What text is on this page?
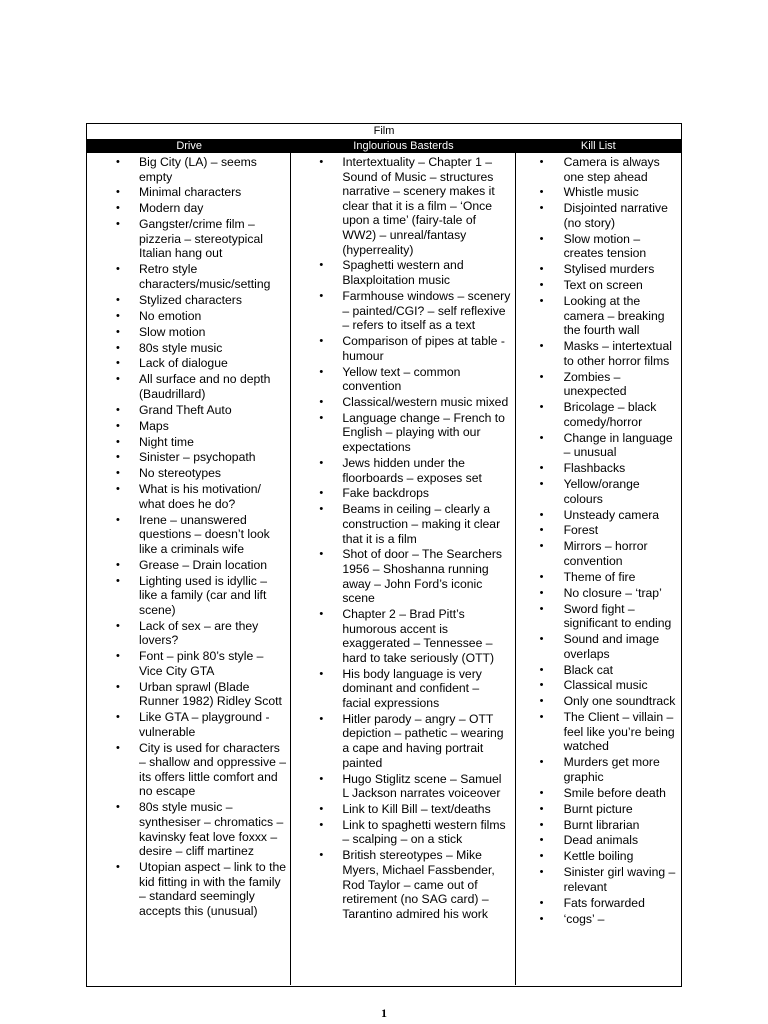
Film
Drive	Inglourious Basterds	Kill List
• Big City (LA) – seems empty
• Minimal characters
• Modern day
• Gangster/crime film – pizzeria – stereotypical Italian hang out
• Retro style characters/music/setting
• Stylized characters
• No emotion
• Slow motion
• 80s style music
• Lack of dialogue
• All surface and no depth (Baudrillard)
• Grand Theft Auto
• Maps
• Night time
• Sinister – psychopath
• No stereotypes
• What is his motivation/ what does he do?
• Irene – unanswered questions – doesn’t look like a criminals wife
• Grease – Drain location
• Lighting used is idyllic – like a family (car and lift scene)
• Lack of sex – are they lovers?
• Font – pink 80’s style – Vice City GTA
• Urban sprawl (Blade Runner 1982) Ridley Scott
• Like GTA – playground - vulnerable
• City is used for characters – shallow and oppressive – its offers little comfort and no escape
• 80s style music – synthesiser – chromatics – kavinsky feat love foxxx – desire – cliff martinez
• Utopian aspect – link to the kid fitting in with the family – standard seemingly accepts this (unusual)
• Intertextuality – Chapter 1 – Sound of Music – structures narrative – scenery makes it clear that it is a film – ‘Once upon a time’ (fairy-tale of WW2) – unreal/fantasy (hyperreality)
• Spaghetti western and Blaxploitation music
• Farmhouse windows – scenery – painted/CGI? – self reflexive – refers to itself as a text
• Comparison of pipes at table - humour
• Yellow text – common convention
• Classical/western music mixed
• Language change – French to English – playing with our expectations
• Jews hidden under the floorboards – exposes set
• Fake backdrops
• Beams in ceiling – clearly a construction – making it clear that it is a film
• Shot of door – The Searchers 1956 – Shoshanna running away – John Ford’s iconic scene
• Chapter 2 – Brad Pitt’s humorous accent is exaggerated – Tennessee – hard to take seriously (OTT)
• His body language is very dominant and confident – facial expressions
• Hitler parody – angry – OTT depiction – pathetic – wearing a cape and having portrait painted
• Hugo Stiglitz scene – Samuel L Jackson narrates voiceover
• Link to Kill Bill – text/deaths
• Link to spaghetti western films – scalping – on a stick
• British stereotypes – Mike Myers, Michael Fassbender, Rod Taylor – came out of retirement (no SAG card) – Tarantino admired his work
• Camera is always one step ahead
• Whistle music
• Disjointed narrative (no story)
• Slow motion – creates tension
• Stylised murders
• Text on screen
• Looking at the camera – breaking the fourth wall
• Masks – intertextual to other horror films
• Zombies – unexpected
• Bricolage – black comedy/horror
• Change in language – unusual
• Flashbacks
• Yellow/orange colours
• Unsteady camera
• Forest
• Mirrors – horror convention
• Theme of fire
• No closure – ‘trap’
• Sword fight – significant to ending
• Sound and image overlaps
• Black cat
• Classical music
• Only one soundtrack
• The Client – villain – feel like you’re being watched
• Murders get more graphic
• Smile before death
• Burnt picture
• Burnt librarian
• Dead animals
• Kettle boiling
• Sinister girl waving – relevant
• Fats forwarded
• ‘cogs’ –
1
